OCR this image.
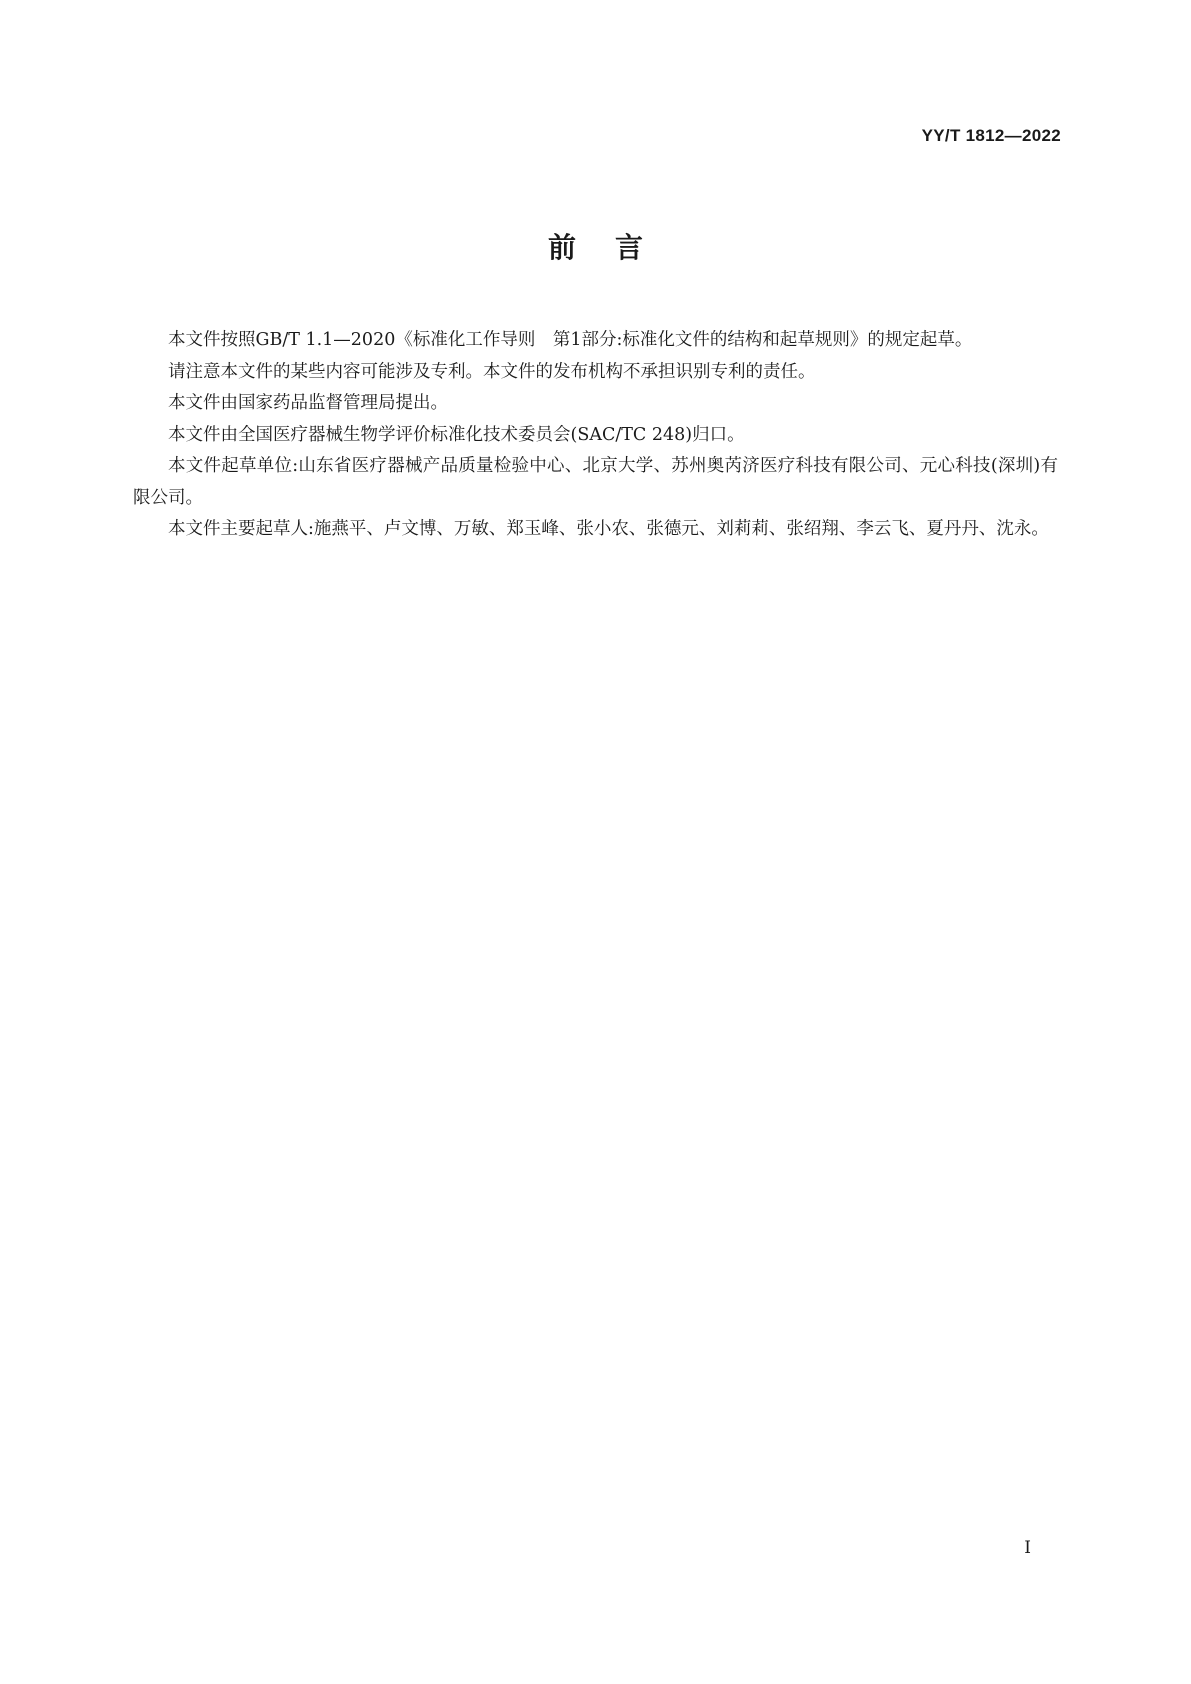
YY/T 1812—2022
前    言

本文件按照GB/T 1.1—2020《标准化工作导则　第1部分:标准化文件的结构和起草规则》的规定起草。

请注意本文件的某些内容可能涉及专利。本文件的发布机构不承担识别专利的责任。

本文件由国家药品监督管理局提出。

本文件由全国医疗器械生物学评价标准化技术委员会(SAC/TC 248)归口。

本文件起草单位:山东省医疗器械产品质量检验中心、北京大学、苏州奥芮济医疗科技有限公司、元心科技(深圳)有限公司。

本文件主要起草人:施燕平、卢文博、万敏、郑玉峰、张小农、张德元、刘莉莉、张绍翔、李云飞、夏丹丹、沈永。

I
